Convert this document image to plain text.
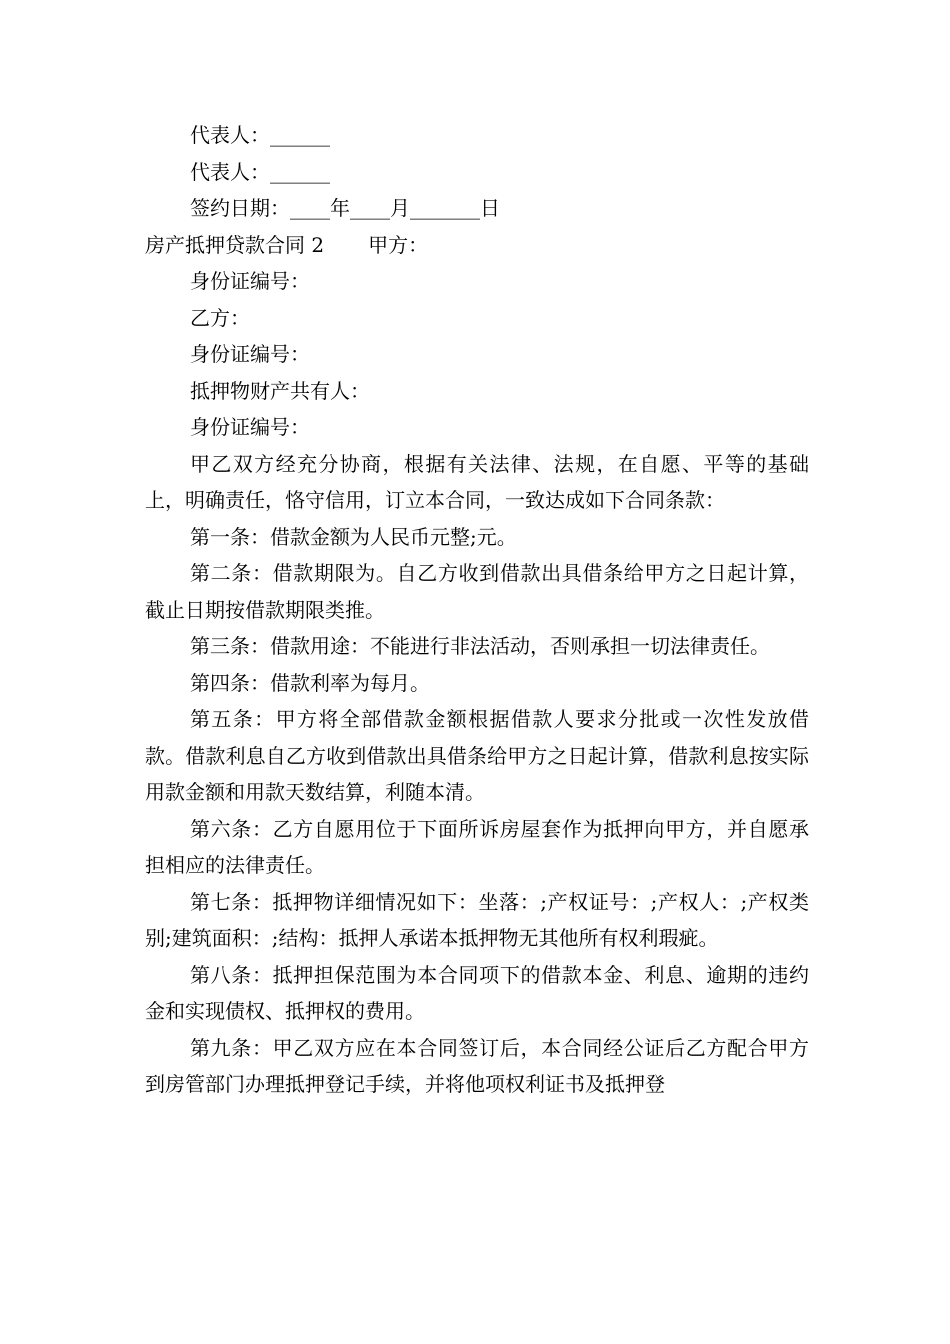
代表人：______
代表人：______
签约日期：____年____月_______日
房产抵押贷款合同 2 甲方：
身份证编号：
乙方：
身份证编号：
抵押物财产共有人：
身份证编号：

甲乙双方经充分协商，根据有关法律、法规，在自愿、平等的基础上，明确责任，恪守信用，订立本合同，一致达成如下合同条款：

第一条：借款金额为人民币元整;元。

第二条：借款期限为。自乙方收到借款出具借条给甲方之日起计算，截止日期按借款期限类推。

第三条：借款用途：不能进行非法活动，否则承担一切法律责任。

第四条：借款利率为每月。

第五条：甲方将全部借款金额根据借款人要求分批或一次性发放借款。借款利息自乙方收到借款出具借条给甲方之日起计算，借款利息按实际用款金额和用款天数结算，利随本清。

第六条：乙方自愿用位于下面所诉房屋套作为抵押向甲方，并自愿承担相应的法律责任。

第七条：抵押物详细情况如下：坐落：;产权证号：;产权人：;产权类别;建筑面积：;结构：抵押人承诺本抵押物无其他所有权利瑕疵。

第八条：抵押担保范围为本合同项下的借款本金、利息、逾期的违约金和实现债权、抵押权的费用。

第九条：甲乙双方应在本合同签订后，本合同经公证后乙方配合甲方到房管部门办理抵押登记手续，并将他项权利证书及抵押登
